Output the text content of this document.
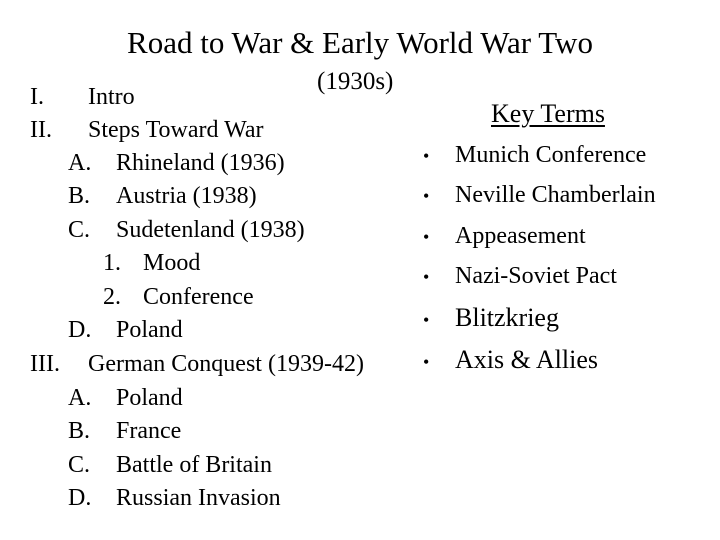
Road to War & Early World War Two
(1930s)
I. Intro
II. Steps Toward War
A. Rhineland (1936)
B. Austria (1938)
C. Sudetenland (1938)
1. Mood
2. Conference
D. Poland
III. German Conquest (1939-42)
A. Poland
B. France
C. Battle of Britain
D. Russian Invasion
Key Terms
• Munich Conference
• Neville Chamberlain
• Appeasement
• Nazi-Soviet Pact
• Blitzkrieg
• Axis & Allies
